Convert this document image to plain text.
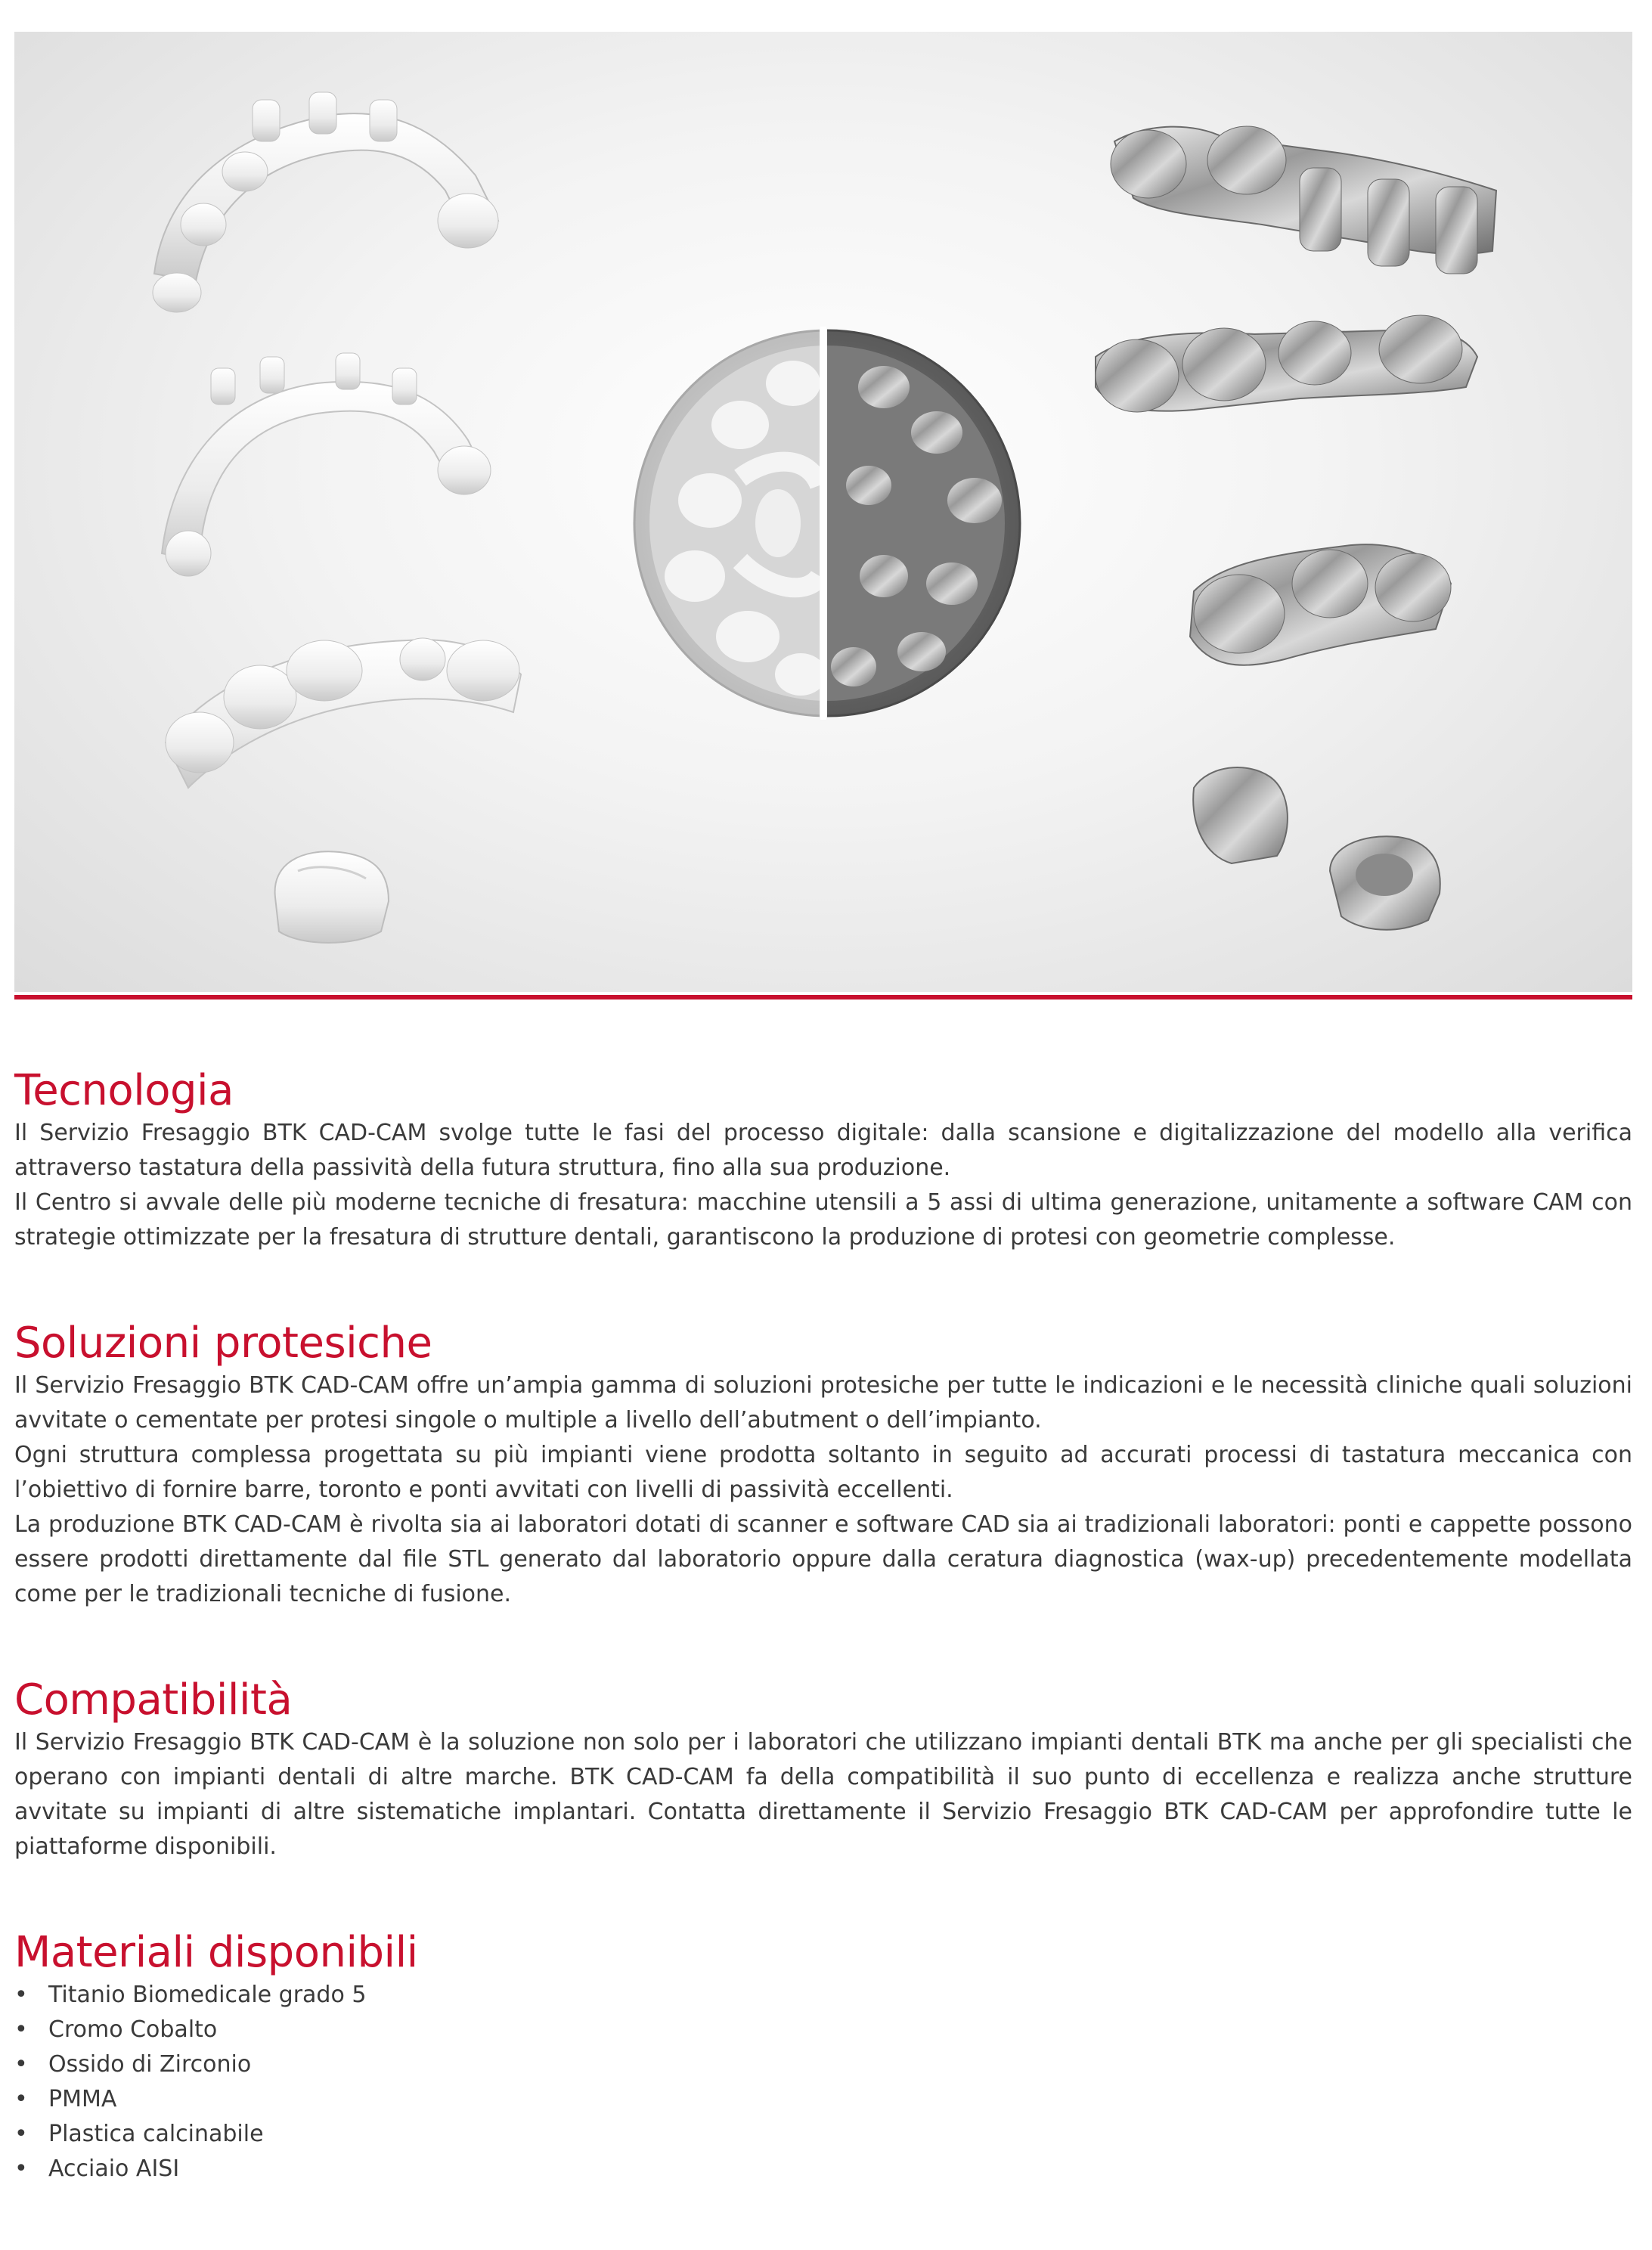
Tecnologia

Il Servizio Fresaggio BTK CAD-CAM svolge tutte le fasi del processo digitale: dalla scansione e digitalizzazione del modello alla verifica attraverso tastatura della passività della futura struttura, fino alla sua produzione.

Il Centro si avvale delle più moderne tecniche di fresatura: macchine utensili a 5 assi di ultima generazione, unitamente a software CAM con strategie ottimizzate per la fresatura di strutture dentali, garantiscono la produzione di protesi con geometrie complesse.

Soluzioni protesiche

Il Servizio Fresaggio BTK CAD-CAM offre un’ampia gamma di soluzioni protesiche per tutte le indicazioni e le necessità cliniche quali soluzioni avvitate o cementate per protesi singole o multiple a livello dell’abutment o dell’impianto.

Ogni struttura complessa progettata su più impianti viene prodotta soltanto in seguito ad accurati processi di tastatura meccanica con l’obiettivo di fornire barre, toronto e ponti avvitati con livelli di passività eccellenti.

La produzione BTK CAD-CAM è rivolta sia ai laboratori dotati di scanner e software CAD sia ai tradizionali laboratori: ponti e cappette possono essere prodotti direttamente dal file STL generato dal laboratorio oppure dalla ceratura diagnostica (wax-up) precedentemente modellata come per le tradizionali tecniche di fusione.

Compatibilità

Il Servizio Fresaggio BTK CAD-CAM è la soluzione non solo per i laboratori che utilizzano impianti dentali BTK ma anche per gli specialisti che operano con impianti dentali di altre marche. BTK CAD-CAM fa della compatibilità il suo punto di eccellenza e realizza anche strutture avvitate su impianti di altre sistematiche implantari. Contatta direttamente il Servizio Fresaggio BTK CAD-CAM per approfondire tutte le piattaforme disponibili.

Materiali disponibili
• Titanio Biomedicale grado 5
• Cromo Cobalto
• Ossido di Zirconio
• PMMA
• Plastica calcinabile
• Acciaio AISI
